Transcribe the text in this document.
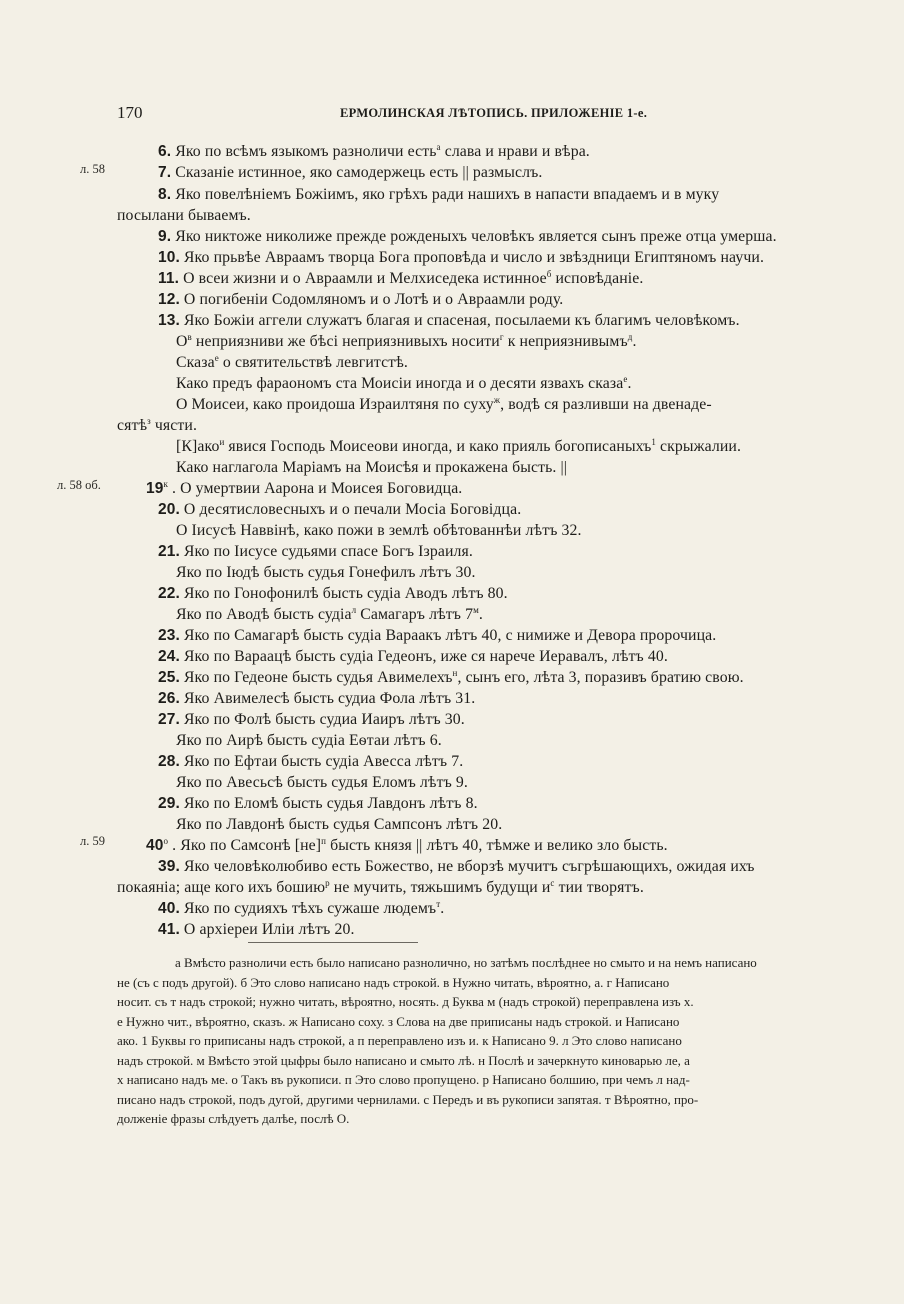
170	ЕРМОЛИНСКАЯ ЛѢТОПИСЬ. ПРИЛОЖЕНІЕ 1-е.
л. 58
л. 58 об.
л. 59
6. Яко по всѣмъ языкомъ разноличи есть$^а$ слава и нрави и вѣра.
7. Сказаніе истинное, яко самодержець есть || размыслъ.
8. Яко повелѣніемъ Божіимъ, яко грѣхъ ради нашихъ в напасти впадаемъ и в муку
посылани бываемъ.
9. Яко никтоже николиже прежде рожденыхъ человѣкъ является сынъ преже отца умерша.
10. Яко прьвѣе Авраамъ творца Бога проповѣда и число и звѣздници Египтяномъ научи.
11. О всеи жизни и о Авраамли и Мелхиседека истинное$^б$ исповѣданіе.
12. О погибеніи Содомляномъ и о Лотѣ и о Авраамли роду.
13. Яко Божіи аггели служатъ благая и спасеная, посылаеми къ благимъ человѣкомъ.
$О^в$ неприязниви же бѣсі неприязнивыхъ носити$^г$ к неприязнивымъ$^д$.
Сказа$^е$ о святительствѣ левгитстѣ.
Како предъ фараономъ ста Моисіи иногда и о десяти язвахъ сказа$^е$.
О Моисеи, како проидоша Израилтяня по суху$^ж$, водѣ ся разливши на двенаде-
сятѣ$^з$ чясти.
[К]ако$^и$ явися Господь Моисеови иногда, и како прияль богописаныхъ$^1$ скрыжалии.
Како наглагола Маріамъ на Моисѣя и прокажена бысть. ||
$19^к$ . О умертвии Аарона и Моисея Боговидца.
20. О десятисловесныхъ и о печали Мосіа Боговідца.
О Іисусѣ Наввінѣ, како пожи в землѣ обѣтованнѣи лѣтъ 32.
21. Яко по Іисусе судьями спасе Богъ Ізраиля.
Яко по Іюдѣ бысть судья Гонефилъ лѣтъ 30.
22. Яко по Гонофонилѣ бысть судіа Аводъ лѣтъ 80.
Яко по Аводѣ бысть судіа$^л$ Самагаръ лѣтъ $7^м$.
23. Яко по Самагарѣ бысть судіа Вараакъ лѣтъ 40, с нимиже и Девора пророчица.
24. Яко по Вараацѣ бысть судіа Гедеонъ, иже ся нарече Иеравалъ, лѣтъ 40.
25. Яко по Гедеоне бысть судья Авимелехъ$^н$, сынъ его, лѣта 3, поразивъ братию свою.
26. Яко Авимелесѣ бысть судиа Фола лѣтъ 31.
27. Яко по Фолѣ бысть судиа Иаиръ лѣтъ 30.
Яко по Аирѣ бысть судіа Еѳтаи лѣтъ 6.
28. Яко по Ефтаи бысть судіа Авесса лѣтъ 7.
Яко по Авесьсѣ бысть судья Еломъ лѣтъ 9.
29. Яко по Еломѣ бысть судья Лавдонъ лѣтъ 8.
Яко по Лавдонѣ бысть судья Сампсонъ лѣтъ 20.
$40^о$ . Яко по Самсонѣ [не]$^п$ бысть князя || лѣтъ 40, тѣмже и велико зло бысть.
39. Яко человѣколюбиво есть Божество, не вборзѣ мучитъ съгрѣшающихъ, ожидая ихъ
покаяніа; аще кого ихъ бошию$^р$ не мучить, тяжьшимъ будущи $и^с$ тии творятъ.
40. Яко по судияхъ тѣхъ сужаше людемъ$^т$.
41. О архіереи Иліи лѣтъ 20.
а Вмѣсто разноличи есть было написано разнолично, но затѣмъ послѣднее но смыто и на немъ написано
не (съ с подъ другой). б Это слово написано надъ строкой. в Нужно читать, вѣроятно, а. г Написано
носит. съ т надъ строкой; нужно читать, вѣроятно, носять. д Буква м (надъ строкой) переправлена изъ х.
е Нужно чит., вѣроятно, сказъ. ж Написано соху. з Слова на две приписаны надъ строкой. и Написано
ако. 1 Буквы го приписаны надъ строкой, а п переправлено изъ и. к Написано 9. л Это слово написано
надъ строкой. м Вмѣсто этой цыфры было написано и смыто лѣ. н Послѣ и зачеркнуто киноварью ле, а
х написано надъ ме. о Такъ въ рукописи. п Это слово пропущено. р Написано болшию, при чемъ л над-
писано надъ строкой, подъ дугой, другими чернилами. с Передъ и въ рукописи запятая. т Вѣроятно, про-
долженіе фразы слѣдуетъ далѣе, послѣ О.
